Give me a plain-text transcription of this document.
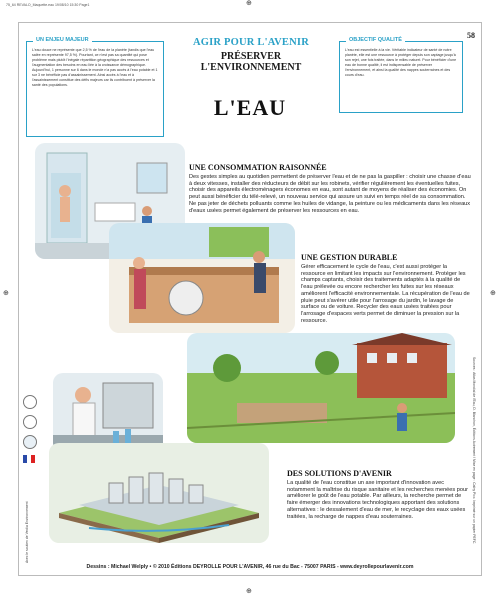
75_64 REVALO_Maquette.eau 19/08/10 15:30 Page1	⊕
⊕
⊕	⊕
58
AGIR POUR L'AVENIR
PRÉSERVER
L'ENVIRONNEMENT
L'EAU
UN ENJEU MAJEUR
L'eau douce ne représente que 2,5 % de l'eau de la planète (tandis que l'eau salée en représente 97,5 %). Pourtant, ce n'est pas sa quantité qui pose problème mais plutôt l'inégale répartition géographique des ressources et l'augmentation des besoins en eau liée à la croissance démographique. Aujourd'hui, 1 personne sur 6 dans le monde n'a pas accès à l'eau potable et 1 sur 3 ne bénéficie pas d'assainissement. Ainsi accès à l'eau et à l'assainissement constitue des défis majeurs car ils contribuent à préserver la santé des populations.
OBJECTIF QUALITÉ
L'eau est essentielle à la vie. Véritable indicateur de santé de notre planète, elle est une ressource à protéger depuis son captage jusqu'à son rejet, une fois traitée, dans le milieu naturel. Pour bénéficier d'une eau de bonne qualité, il est indispensable de préserver l'environnement, et ainsi la qualité des nappes souterraines et des cours d'eau.
UNE CONSOMMATION RAISONNÉE
Des gestes simples au quotidien permettent de préserver l'eau et de ne pas la gaspiller : choisir une chasse d'eau à deux vitesses, installer des réducteurs de débit sur les robinets, vérifier régulièrement les éventuelles fuites, choisir des appareils électroménagers économes en eau, sont autant de moyens de réaliser des économies. On peut aussi bénéficier du télé-relevé, un nouveau service qui assure un suivi en temps réel de sa consommation. Ne pas jeter de déchets polluants comme les huiles de vidange, la peinture ou les médicaments dans les réseaux d'eaux usées permet également de préserver les ressources en eau.
UNE GESTION DURABLE
Gérer efficacement le cycle de l'eau, c'est aussi protéger la ressource en limitant les impacts sur l'environnement. Protéger les champs captants, choisir des traitements adaptés à la qualité de l'eau prélevée ou encore rechercher les fuites sur les réseaux améliorent l'efficacité environnementale. La récupération de l'eau de pluie peut s'avérer utile pour l'arrosage du jardin, le lavage de surface ou de voiture. Recycler des eaux usées traitées pour l'arrosage d'espaces verts permet de diminuer la pression sur la ressource.
DES SOLUTIONS D'AVENIR
La qualité de l'eau constitue un axe important d'innovation avec notamment la maîtrise du risque sanitaire et les recherches menées pour améliorer le goût de l'eau potable. Par ailleurs, la recherche permet de faire émerger des innovations technologiques apportant des solutions alternatives : le dessalement d'eau de mer, le recyclage des eaux usées traitées, la recharge de nappes d'eau souterraines.
Avec le soutien de Veolia Environnement	Sources : Atlas Mondial de l'Eau, D. Blanchon, Éditions Autrement / Mise en page : Cathy Picc. Imprimé sur un papier PEFC.
Dessins : Michael Welply • © 2010 Éditions DEYROLLE POUR L'AVENIR, 46 rue du Bac - 75007 PARIS - www.deyrollepourlavenir.com
